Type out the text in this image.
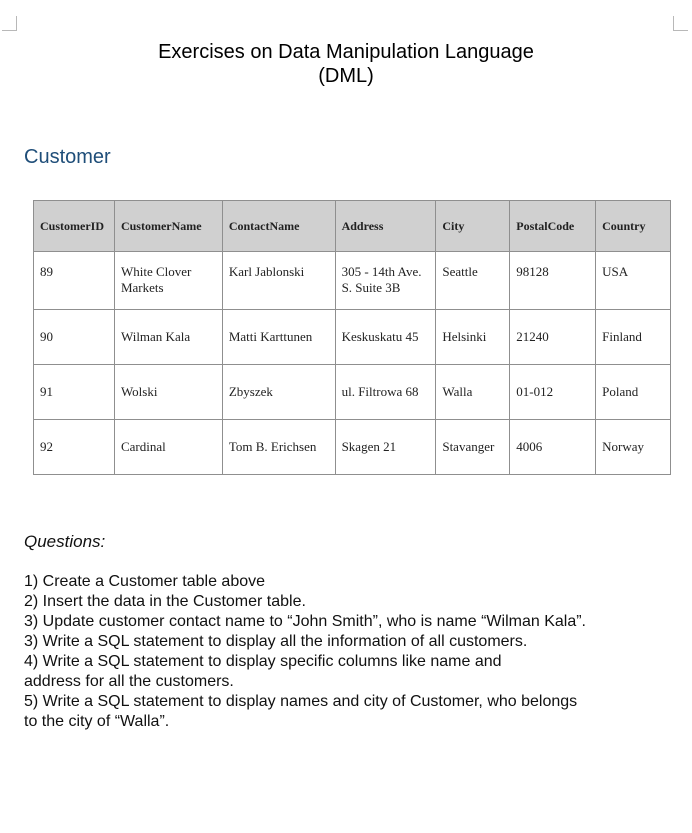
Exercises on Data Manipulation Language
(DML)
Customer
CustomerID	CustomerName	ContactName	Address	City	PostalCode	Country
89	White Clover Markets	Karl Jablonski	305 - 14th Ave. S. Suite 3B	Seattle	98128	USA
90	Wilman Kala	Matti Karttunen	Keskuskatu 45	Helsinki	21240	Finland
91	Wolski	Zbyszek	ul. Filtrowa 68	Walla	01-012	Poland
92	Cardinal	Tom B. Erichsen	Skagen 21	Stavanger	4006	Norway
Questions:
1) Create a Customer table above
2) Insert the data in the Customer table.
3) Update customer contact name to “John Smith”, who is name “Wilman Kala”.
3) Write a SQL statement to display all the information of all customers.
4) Write a SQL statement to display specific columns like name and
address for all the customers.
5) Write a SQL statement to display names and city of Customer, who belongs
to the city of “Walla”.
